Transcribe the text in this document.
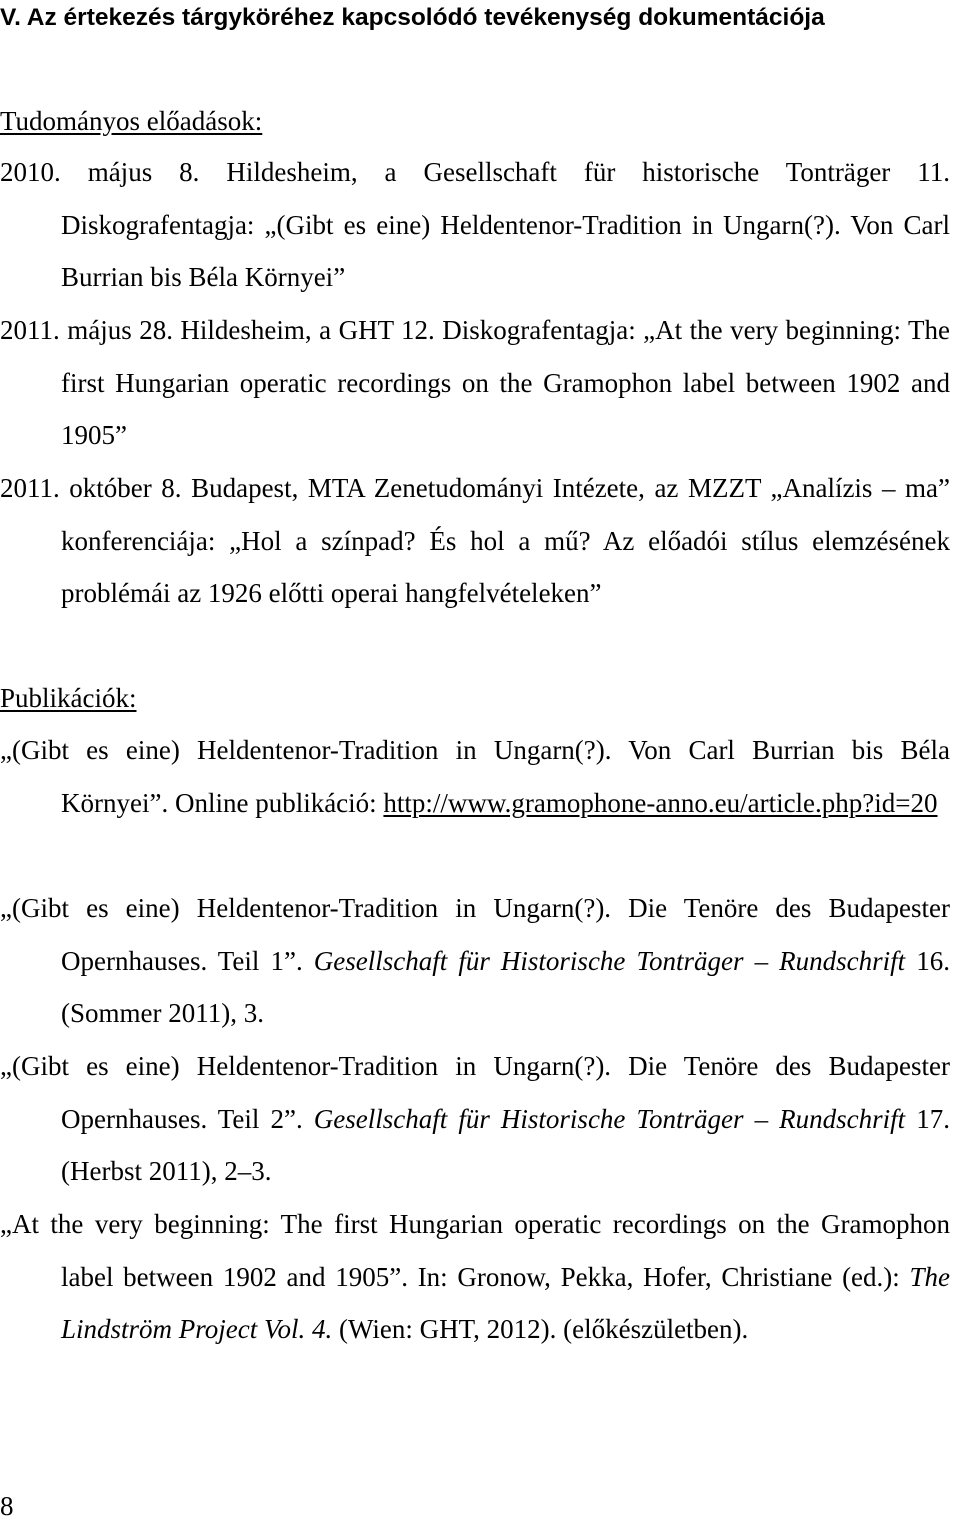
V. Az értekezés tárgyköréhez kapcsolódó tevékenység dokumentációja
Tudományos előadások:

2010. május 8. Hildesheim, a Gesellschaft für historische Tonträger 11. Diskografentagja: „(Gibt es eine) Heldentenor-Tradition in Ungarn(?). Von Carl Burrian bis Béla Környei”

2011. május 28. Hildesheim, a GHT 12. Diskografentagja: „At the very beginning: The first Hungarian operatic recordings on the Gramophon label between 1902 and 1905”

2011. október 8. Budapest, MTA Zenetudományi Intézete, az MZZT „Analízis – ma” konferenciája: „Hol a színpad? És hol a mű? Az előadói stílus elemzésének problémái az 1926 előtti operai hangfelvételeken”

Publikációk:

„(Gibt es eine) Heldentenor-Tradition in Ungarn(?). Von Carl Burrian bis Béla Környei”. Online publikáció: http://www.gramophone-anno.eu/article.php?id=20

„(Gibt es eine) Heldentenor-Tradition in Ungarn(?). Die Tenöre des Budapester Opernhauses. Teil 1”. Gesellschaft für Historische Tonträger – Rundschrift 16. (Sommer 2011), 3.

„(Gibt es eine) Heldentenor-Tradition in Ungarn(?). Die Tenöre des Budapester Opernhauses. Teil 2”. Gesellschaft für Historische Tonträger – Rundschrift 17. (Herbst 2011), 2–3.

„At the very beginning: The first Hungarian operatic recordings on the Gramophon label between 1902 and 1905”. In: Gronow, Pekka, Hofer, Christiane (ed.): The Lindström Project Vol. 4. (Wien: GHT, 2012). (előkészületben).

8
